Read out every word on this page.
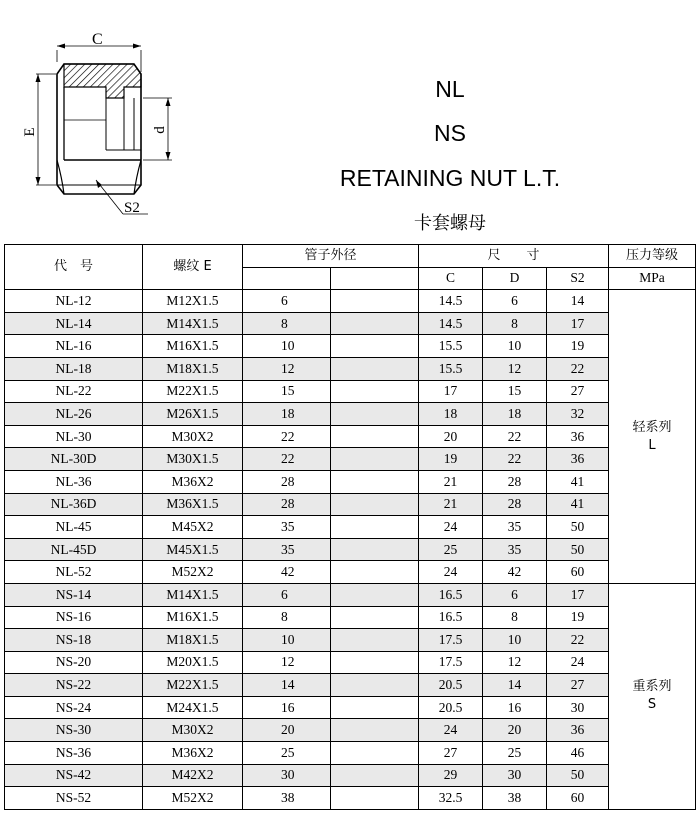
C
E	d
S2
NL
NS
RETAINING NUT L.T.
卡套螺母
代　号	螺纹 E	管子外径		尺　　寸			压力等级
				C	D	S2	MPa
NL-12	M12X1.5	6		14.5	6	14	轻系列
L

NL-14	M14X1.5	8		14.5	8	17	
NL-16	M16X1.5	10		15.5	10	19	
NL-18	M18X1.5	12		15.5	12	22	
NL-22	M22X1.5	15		17	15	27	
NL-26	M26X1.5	18		18	18	32	
NL-30	M30X2	22		20	22	36	
NL-30D	M30X1.5	22		19	22	36	
NL-36	M36X2	28		21	28	41	
NL-36D	M36X1.5	28		21	28	41	
NL-45	M45X2	35		24	35	50	
NL-45D	M45X1.5	35		25	35	50	
NL-52	M52X2	42		24	42	60	
NS-14	M14X1.5	6		16.5	6	17	重系列
S

NS-16	M16X1.5	8		16.5	8	19	
NS-18	M18X1.5	10		17.5	10	22	
NS-20	M20X1.5	12		17.5	12	24	
NS-22	M22X1.5	14		20.5	14	27	
NS-24	M24X1.5	16		20.5	16	30	
NS-30	M30X2	20		24	20	36	
NS-36	M36X2	25		27	25	46	
NS-42	M42X2	30		29	30	50	
NS-52	M52X2	38		32.5	38	60	
